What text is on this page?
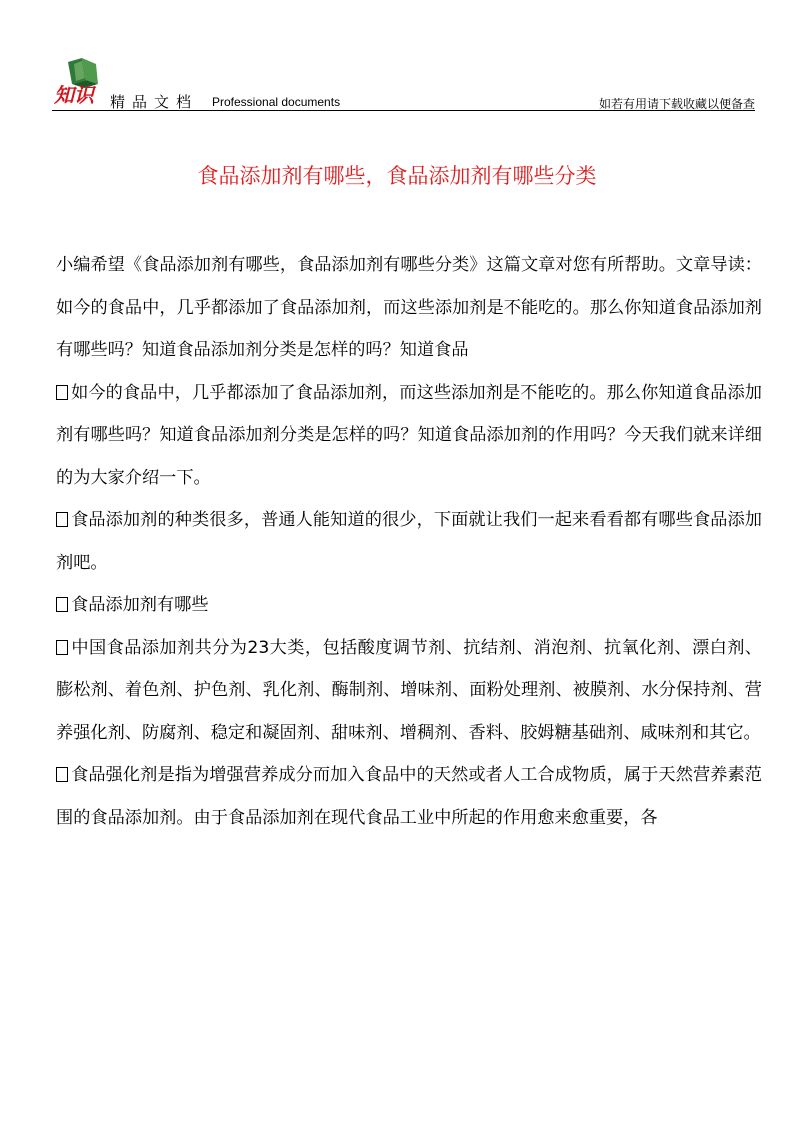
知识 精品文档 Professional documents	如若有用请下载收藏以便备查
食品添加剂有哪些，食品添加剂有哪些分类

小编希望《食品添加剂有哪些，食品添加剂有哪些分类》这篇文章对您有所帮助。文章导读：如今的食品中，几乎都添加了食品添加剂，而这些添加剂是不能吃的。那么你知道食品添加剂有哪些吗？知道食品添加剂分类是怎样的吗？知道食品

如今的食品中，几乎都添加了食品添加剂，而这些添加剂是不能吃的。那么你知道食品添加剂有哪些吗？知道食品添加剂分类是怎样的吗？知道食品添加剂的作用吗？今天我们就来详细的为大家介绍一下。

食品添加剂的种类很多，普通人能知道的很少，下面就让我们一起来看看都有哪些食品添加剂吧。

食品添加剂有哪些

中国食品添加剂共分为23大类，包括酸度调节剂、抗结剂、消泡剂、抗氧化剂、漂白剂、膨松剂、着色剂、护色剂、乳化剂、酶制剂、增味剂、面粉处理剂、被膜剂、水分保持剂、营养强化剂、防腐剂、稳定和凝固剂、甜味剂、增稠剂、香料、胶姆糖基础剂、咸味剂和其它。

食品强化剂是指为增强营养成分而加入食品中的天然或者人工合成物质，属于天然营养素范围的食品添加剂。由于食品添加剂在现代食品工业中所起的作用愈来愈重要，各
